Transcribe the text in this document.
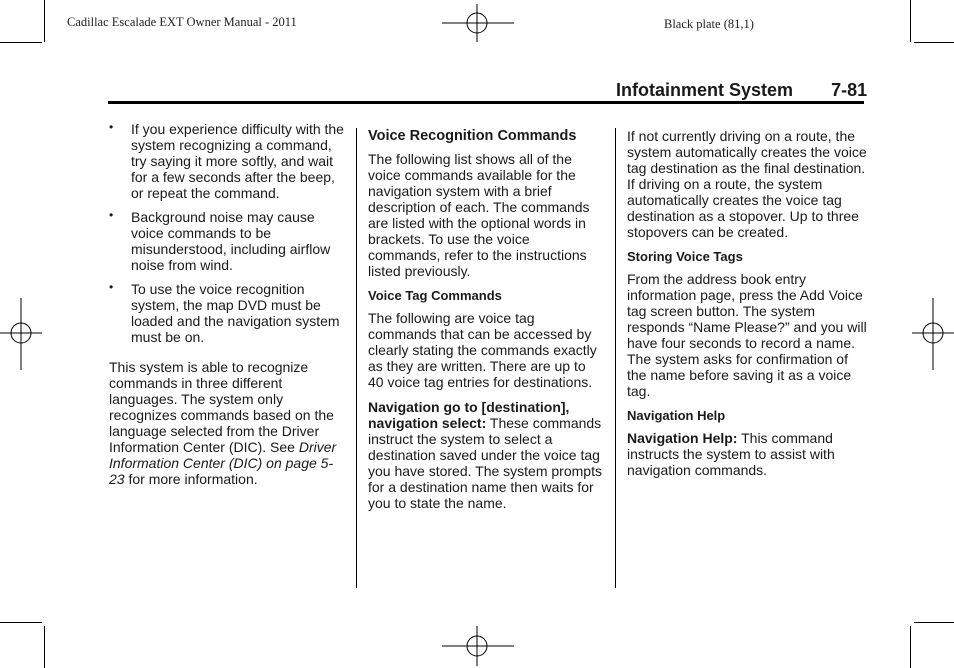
Cadillac Escalade EXT Owner Manual - 2011	Black plate (81,1)
Infotainment System 7-81
• If you experience difficulty with the system recognizing a command, try saying it more softly, and wait for a few seconds after the beep, or repeat the command.
• Background noise may cause voice commands to be misunderstood, including airflow noise from wind.
• To use the voice recognition system, the map DVD must be loaded and the navigation system must be on.

This system is able to recognize commands in three different languages. The system only recognizes commands based on the language selected from the Driver Information Center (DIC). See Driver Information Center (DIC) on page 5-23 for more information.

Voice Recognition Commands

The following list shows all of the voice commands available for the navigation system with a brief description of each. The commands are listed with the optional words in brackets. To use the voice commands, refer to the instructions listed previously.

Voice Tag Commands

The following are voice tag commands that can be accessed by clearly stating the commands exactly as they are written. There are up to 40 voice tag entries for destinations.

Navigation go to [destination], navigation select: These commands instruct the system to select a destination saved under the voice tag you have stored. The system prompts for a destination name then waits for you to state the name.

If not currently driving on a route, the system automatically creates the voice tag destination as the final destination. If driving on a route, the system automatically creates the voice tag destination as a stopover. Up to three stopovers can be created.

Storing Voice Tags

From the address book entry information page, press the Add Voice tag screen button. The system responds “Name Please?” and you will have four seconds to record a name. The system asks for confirmation of the name before saving it as a voice tag.

Navigation Help

Navigation Help: This command instructs the system to assist with navigation commands.
